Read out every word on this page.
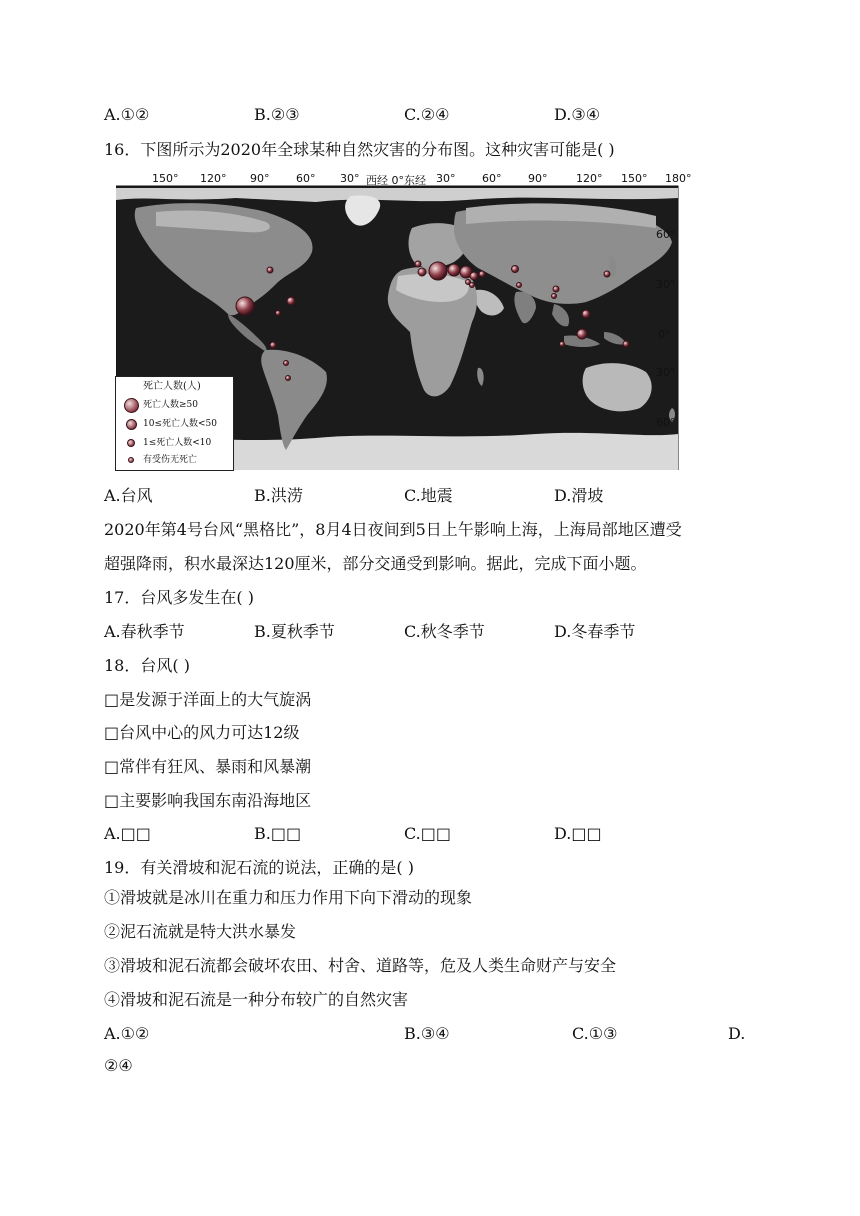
A.①②	B.②③	C.②④	D.③④
16．下图所示为2020年全球某种自然灾害的分布图。这种灾害可能是( )
150° 120° 90° 60° 30° 西经 0°东经 30° 60° 90°	120° 150° 180°
60°
30°
0°
30°
60°
死亡人数(人)
死亡人数≥50
10≤死亡人数<50
1≤死亡人数<10
有受伤无死亡
A.台风	B.洪涝	C.地震	D.滑坡
2020年第4号台风“黑格比”，8月4日夜间到5日上午影响上海，上海局部地区遭受
超强降雨，积水最深达120厘米，部分交通受到影响。据此，完成下面小题。
17．台风多发生在( )
A.春秋季节	B.夏秋季节	C.秋冬季节	D.冬春季节
18．台风( )
□是发源于洋面上的大气旋涡
□台风中心的风力可达12级
□常伴有狂风、暴雨和风暴潮
□主要影响我国东南沿海地区
A.□□	B.□□	C.□□	D.□□
19．有关滑坡和泥石流的说法，正确的是( )
①滑坡就是冰川在重力和压力作用下向下滑动的现象
②泥石流就是特大洪水暴发
③滑坡和泥石流都会破坏农田、村舍、道路等，危及人类生命财产与安全
④滑坡和泥石流是一种分布较广的自然灾害
A.①②	B.③④	C.①③	D.
②④
